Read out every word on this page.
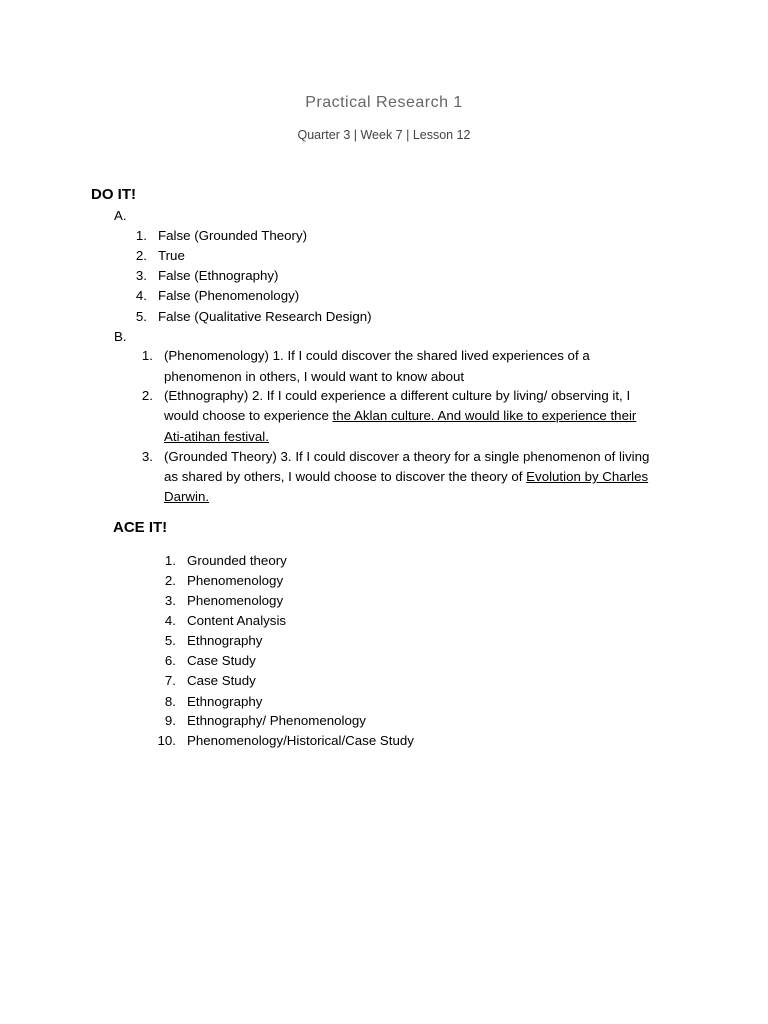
Practical Research 1
Quarter 3 | Week 7 | Lesson 12
DO IT!
A.
1. False (Grounded Theory)
2. True
3. False (Ethnography)
4. False (Phenomenology)
5. False (Qualitative Research Design)
B.
1. (Phenomenology) 1. If I could discover the shared lived experiences of a
phenomenon in others, I would want to know about
2. (Ethnography) 2. If I could experience a different culture by living/ observing it, I
would choose to experience the Aklan culture. And would like to experience their
Ati-atihan festival.
3. (Grounded Theory) 3. If I could discover a theory for a single phenomenon of living
as shared by others, I would choose to discover the theory of Evolution by Charles
Darwin.
ACE IT!
1. Grounded theory
2. Phenomenology
3. Phenomenology
4. Content Analysis
5. Ethnography
6. Case Study
7. Case Study
8. Ethnography
9. Ethnography/ Phenomenology
10. Phenomenology/Historical/Case Study
